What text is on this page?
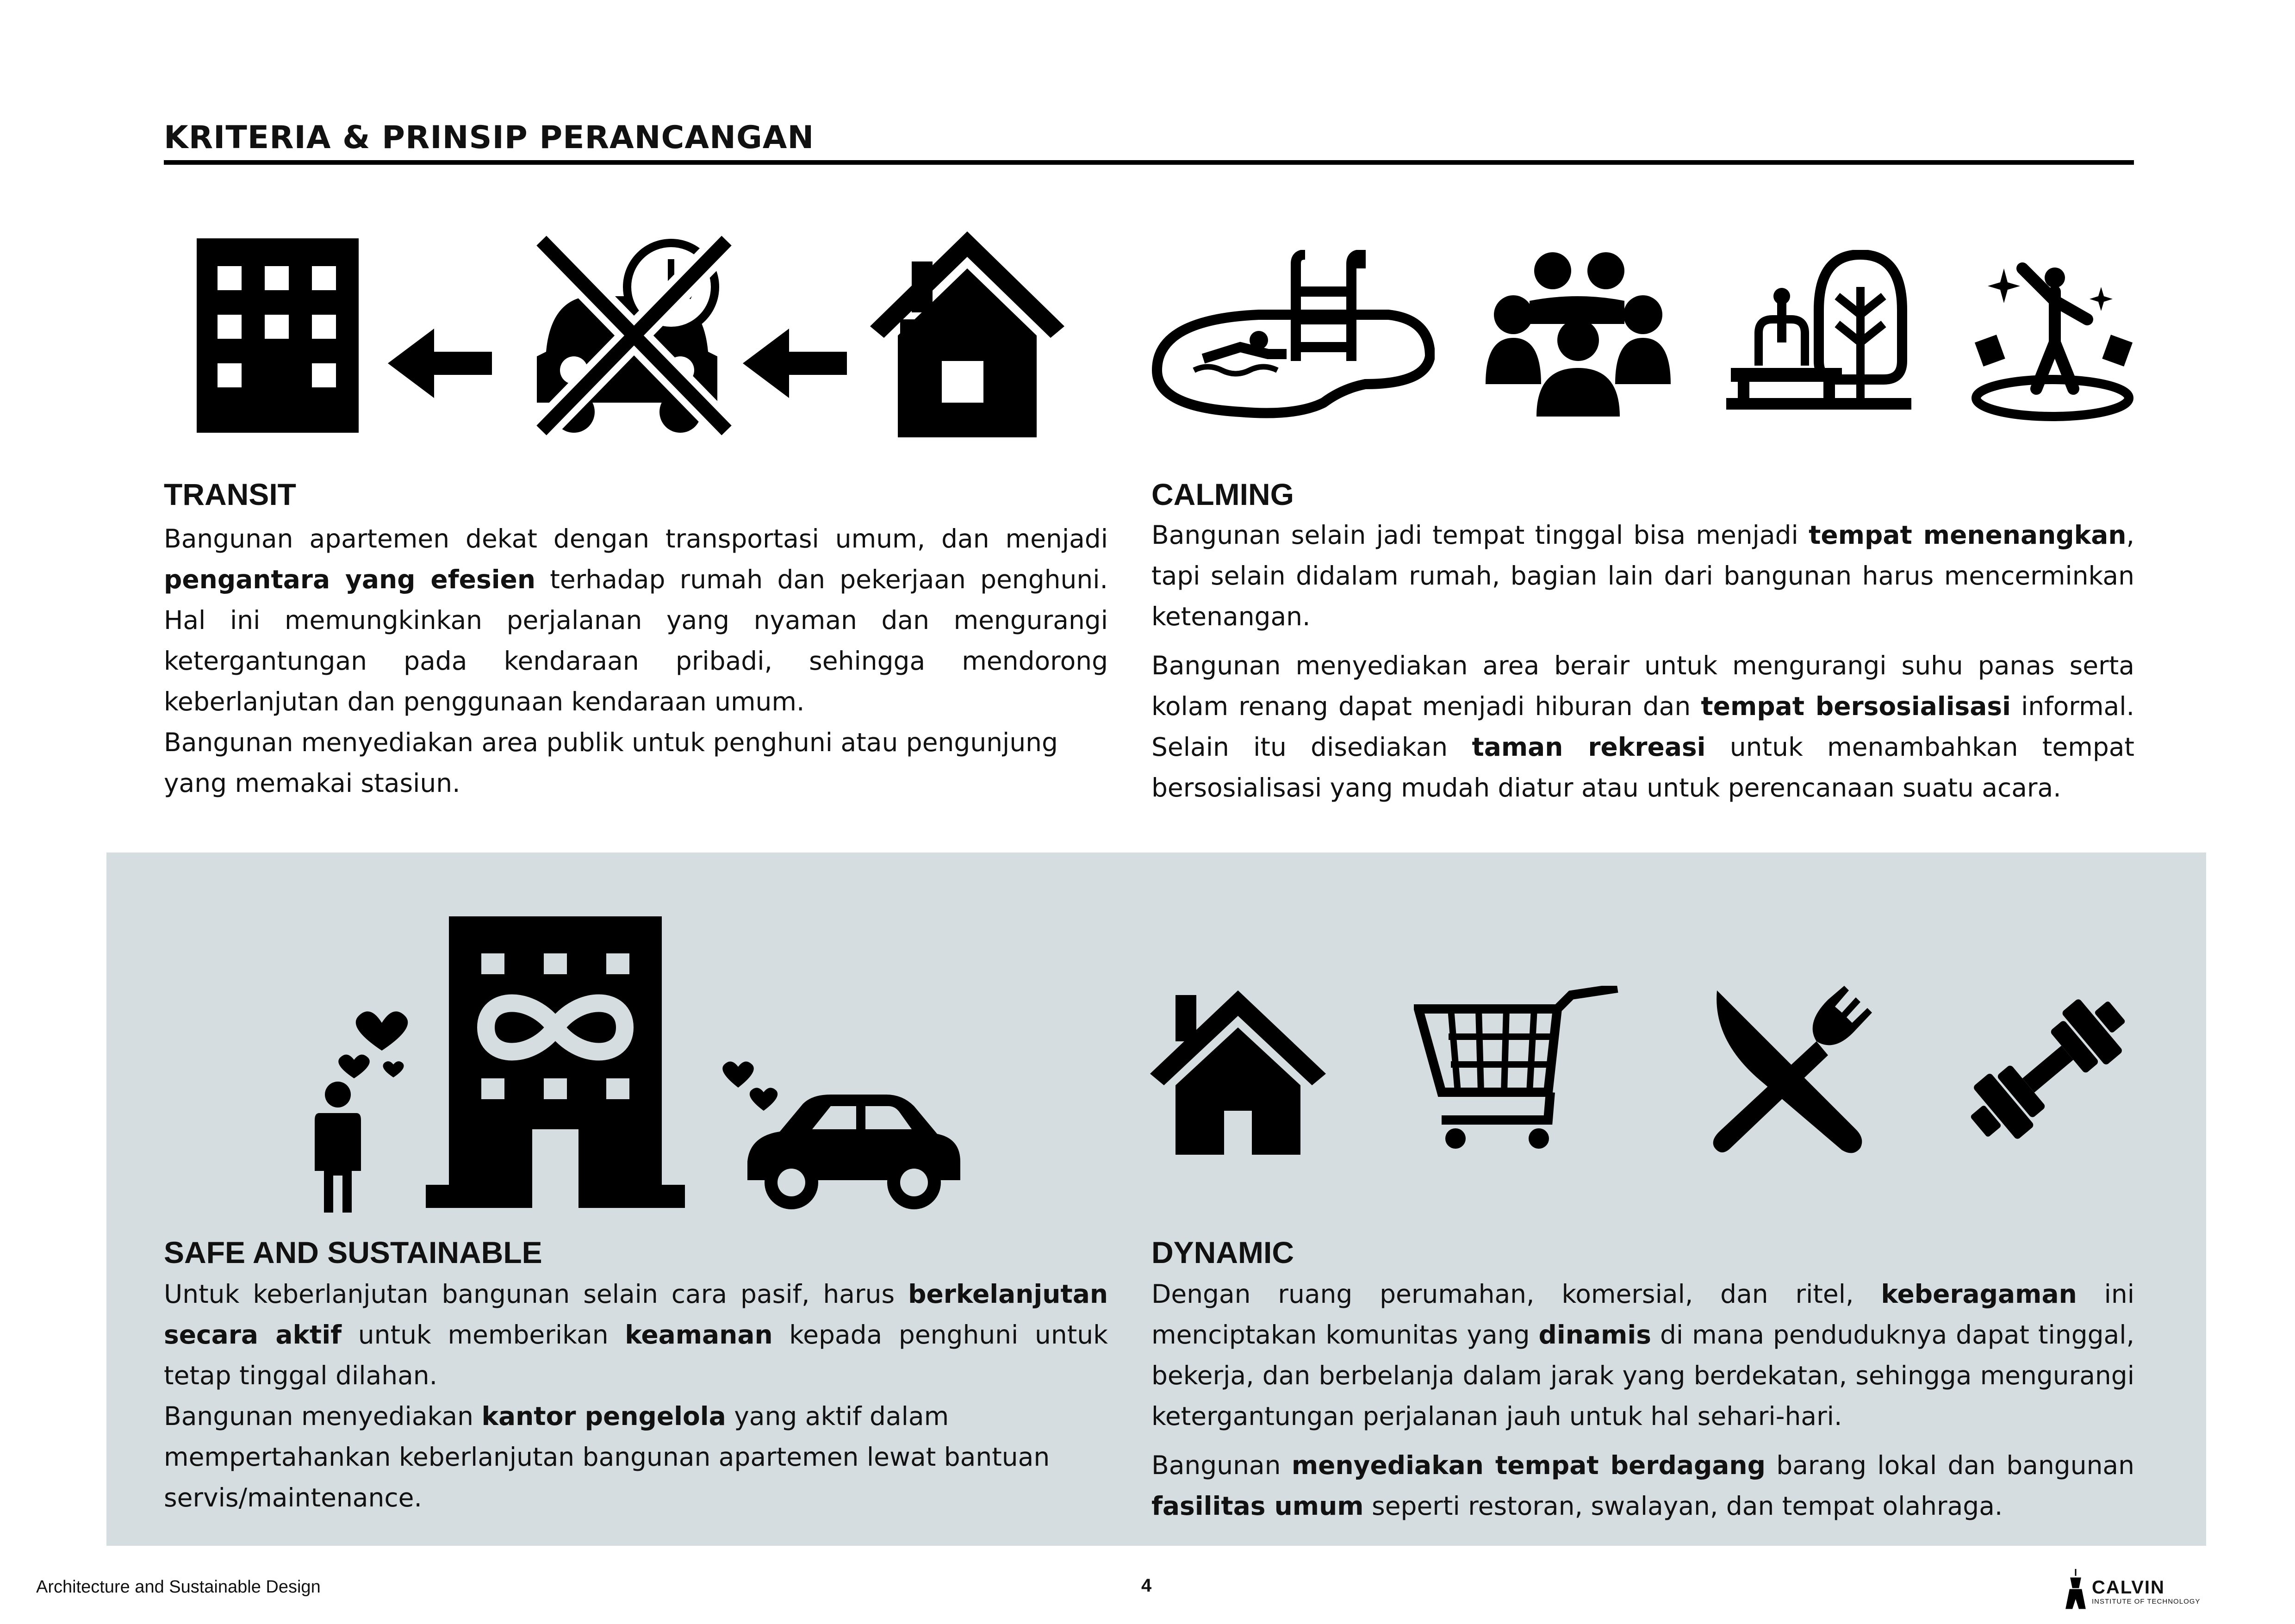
KRITERIA & PRINSIP PERANCANGAN
TRANSIT

Bangunan apartemen dekat dengan transportasi umum, dan menjadi pengantara yang efesien terhadap rumah dan pekerjaan penghuni. Hal ini memungkinkan perjalanan yang nyaman dan mengurangi ketergantungan pada kendaraan pribadi, sehingga mendorong keberlanjutan dan penggunaan kendaraan umum.

Bangunan menyediakan area publik untuk penghuni atau pengunjung yang memakai stasiun.

CALMING

Bangunan selain jadi tempat tinggal bisa menjadi tempat menenangkan, tapi selain didalam rumah, bagian lain dari bangunan harus mencerminkan ketenangan.

Bangunan menyediakan area berair untuk mengurangi suhu panas serta kolam renang dapat menjadi hiburan dan tempat bersosialisasi informal. Selain itu disediakan taman rekreasi untuk menambahkan tempat bersosialisasi yang mudah diatur atau untuk perencanaan suatu acara.

SAFE AND SUSTAINABLE

Untuk keberlanjutan bangunan selain cara pasif, harus berkelanjutan secara aktif untuk memberikan keamanan kepada penghuni untuk tetap tinggal dilahan.

Bangunan menyediakan kantor pengelola yang aktif dalam mempertahankan keberlanjutan bangunan apartemen lewat bantuan servis/maintenance.

DYNAMIC

Dengan ruang perumahan, komersial, dan ritel, keberagaman ini menciptakan komunitas yang dinamis di mana penduduknya dapat tinggal, bekerja, dan berbelanja dalam jarak yang berdekatan, sehingga mengurangi ketergantungan perjalanan jauh untuk hal sehari-hari.

Bangunan menyediakan tempat berdagang barang lokal dan bangunan fasilitas umum seperti restoran, swalayan, dan tempat olahraga.

Architecture and Sustainable Design	4	CALVIN
INSTITUTE OF TECHNOLOGY
